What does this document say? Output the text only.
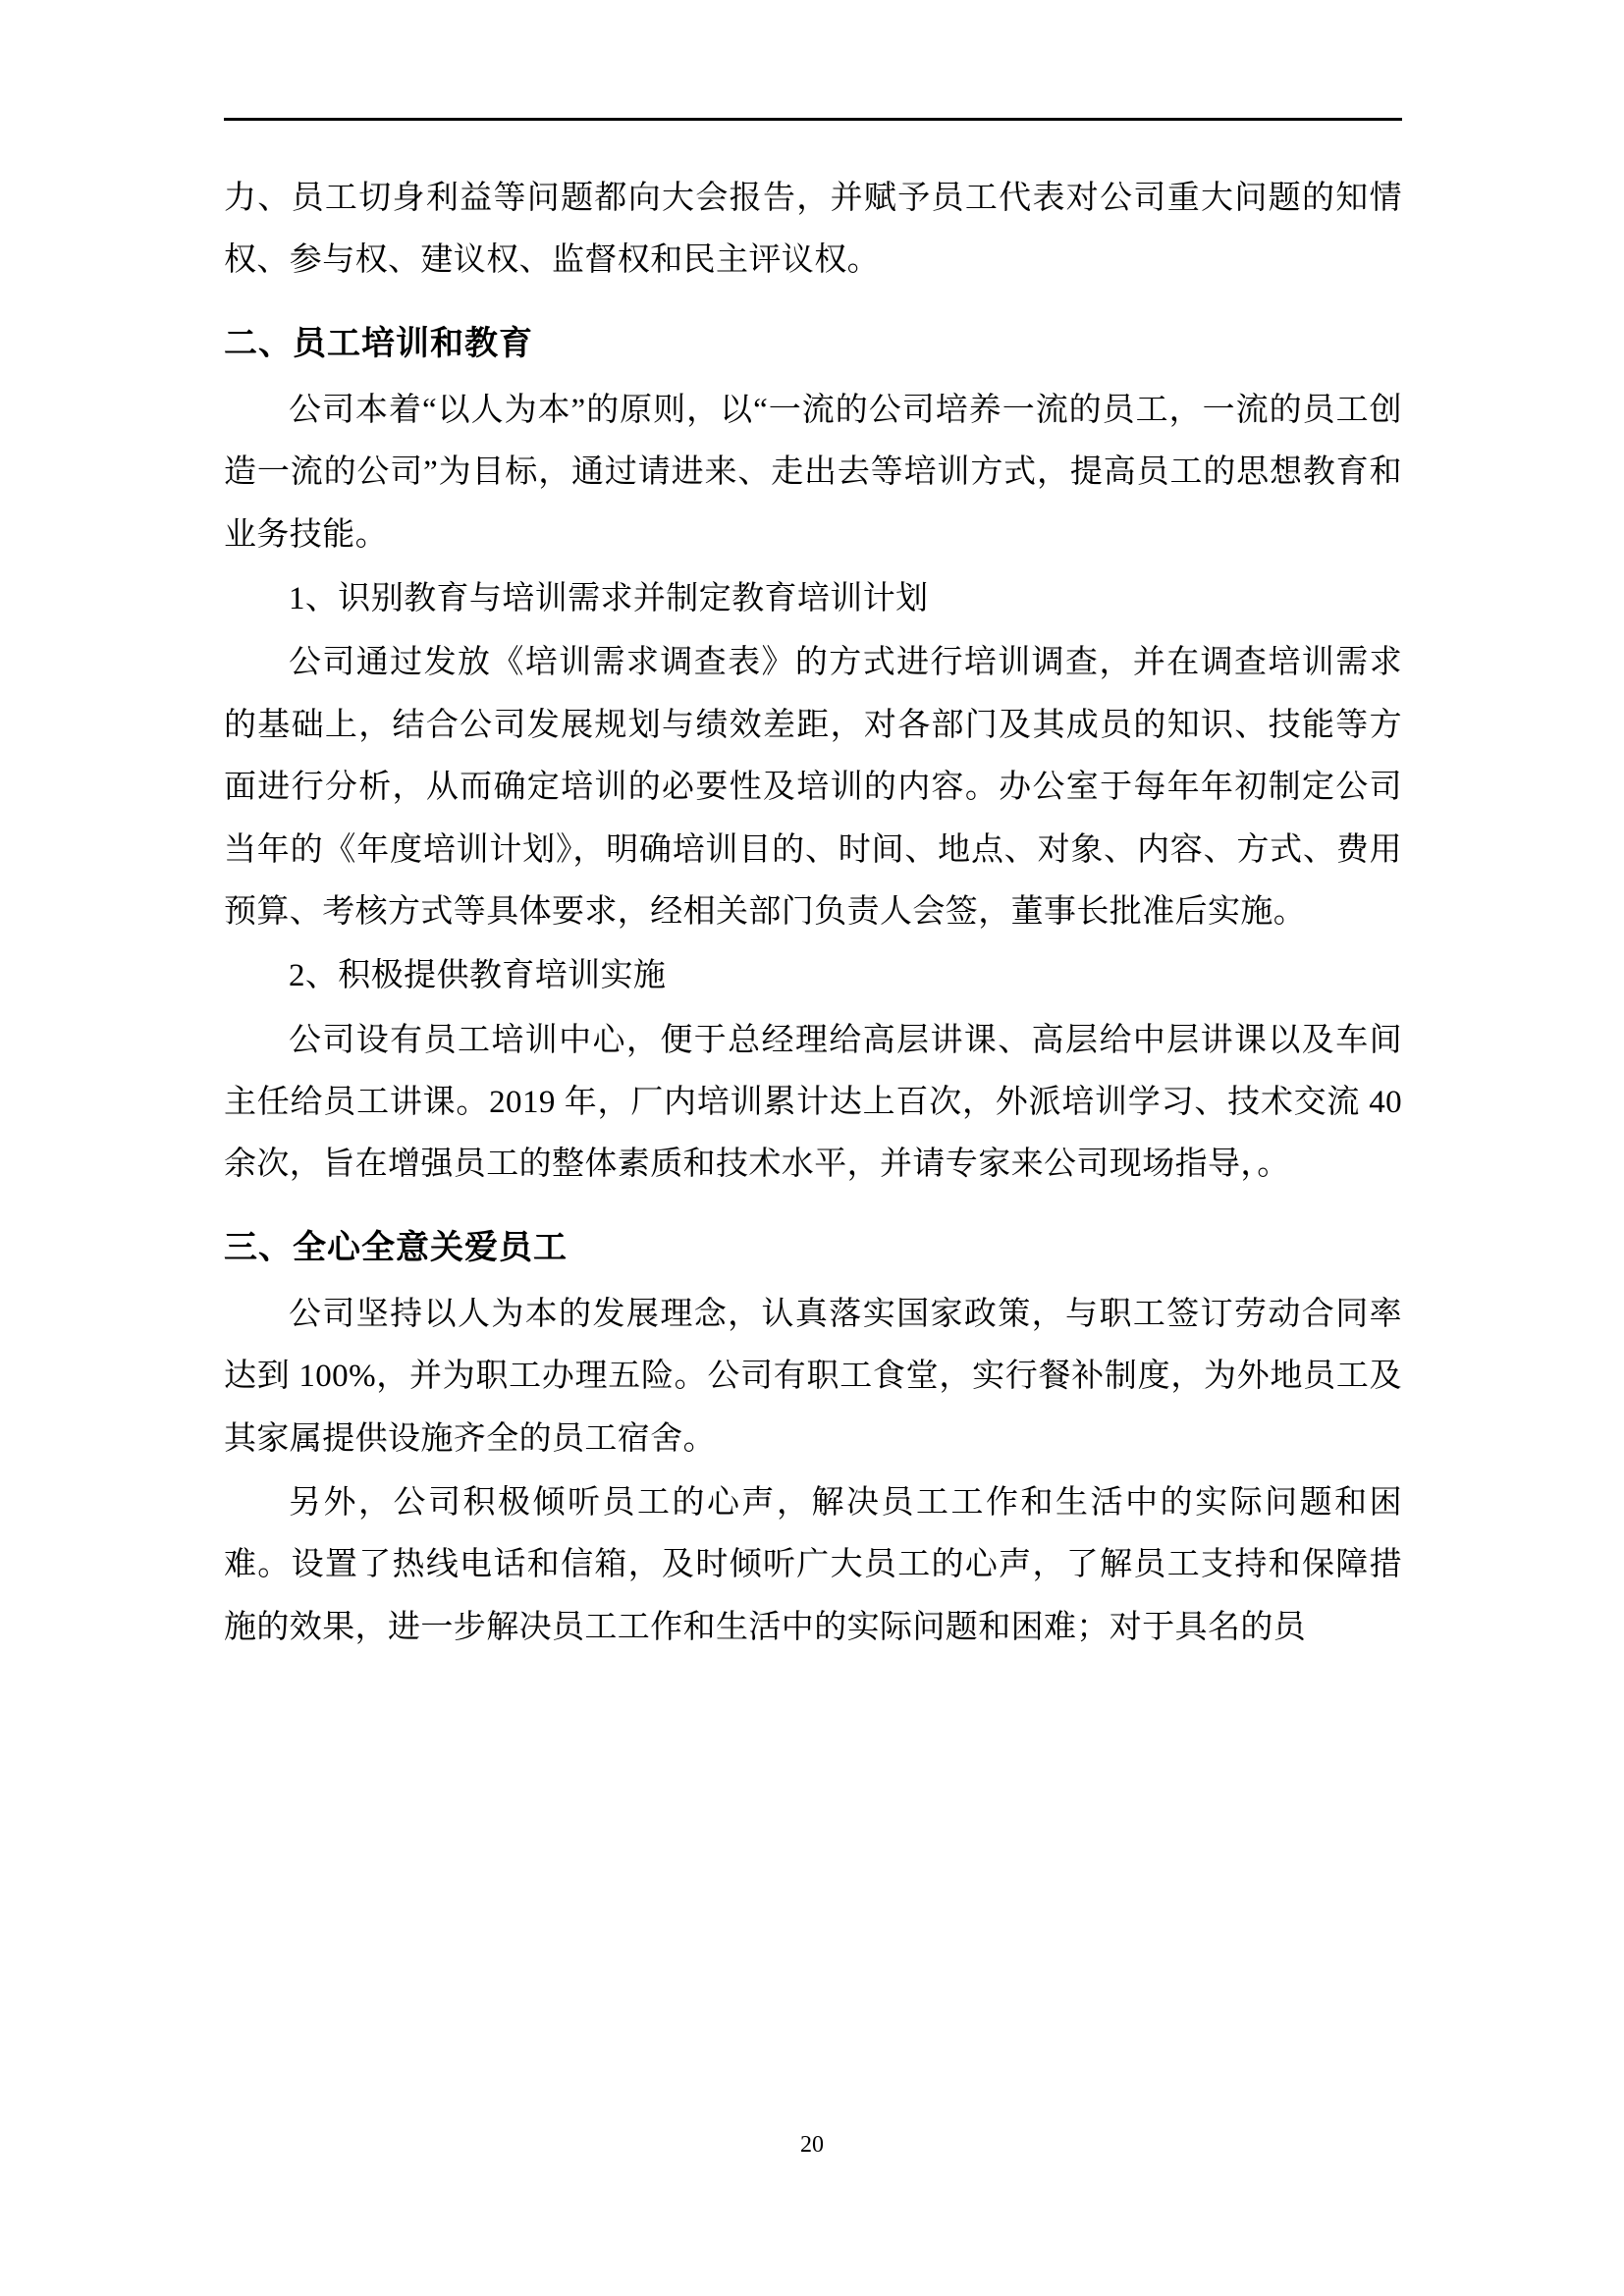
力、员工切身利益等问题都向大会报告，并赋予员工代表对公司重大问题的知情权、参与权、建议权、监督权和民主评议权。

二、员工培训和教育

公司本着“以人为本”的原则，以“一流的公司培养一流的员工，一流的员工创造一流的公司”为目标，通过请进来、走出去等培训方式，提高员工的思想教育和业务技能。

1、识别教育与培训需求并制定教育培训计划

公司通过发放《培训需求调查表》的方式进行培训调查，并在调查培训需求的基础上，结合公司发展规划与绩效差距，对各部门及其成员的知识、技能等方面进行分析，从而确定培训的必要性及培训的内容。办公室于每年年初制定公司当年的《年度培训计划》，明确培训目的、时间、地点、对象、内容、方式、费用预算、考核方式等具体要求，经相关部门负责人会签，董事长批准后实施。

2、积极提供教育培训实施

公司设有员工培训中心，便于总经理给高层讲课、高层给中层讲课以及车间主任给员工讲课。2019 年，厂内培训累计达上百次，外派培训学习、技术交流 40 余次，旨在增强员工的整体素质和技术水平，并请专家来公司现场指导，。

三、全心全意关爱员工

公司坚持以人为本的发展理念，认真落实国家政策，与职工签订劳动合同率达到 100%，并为职工办理五险。公司有职工食堂，实行餐补制度，为外地员工及其家属提供设施齐全的员工宿舍。

另外，公司积极倾听员工的心声，解决员工工作和生活中的实际问题和困难。设置了热线电话和信箱，及时倾听广大员工的心声，了解员工支持和保障措施的效果，进一步解决员工工作和生活中的实际问题和困难；对于具名的员

20
